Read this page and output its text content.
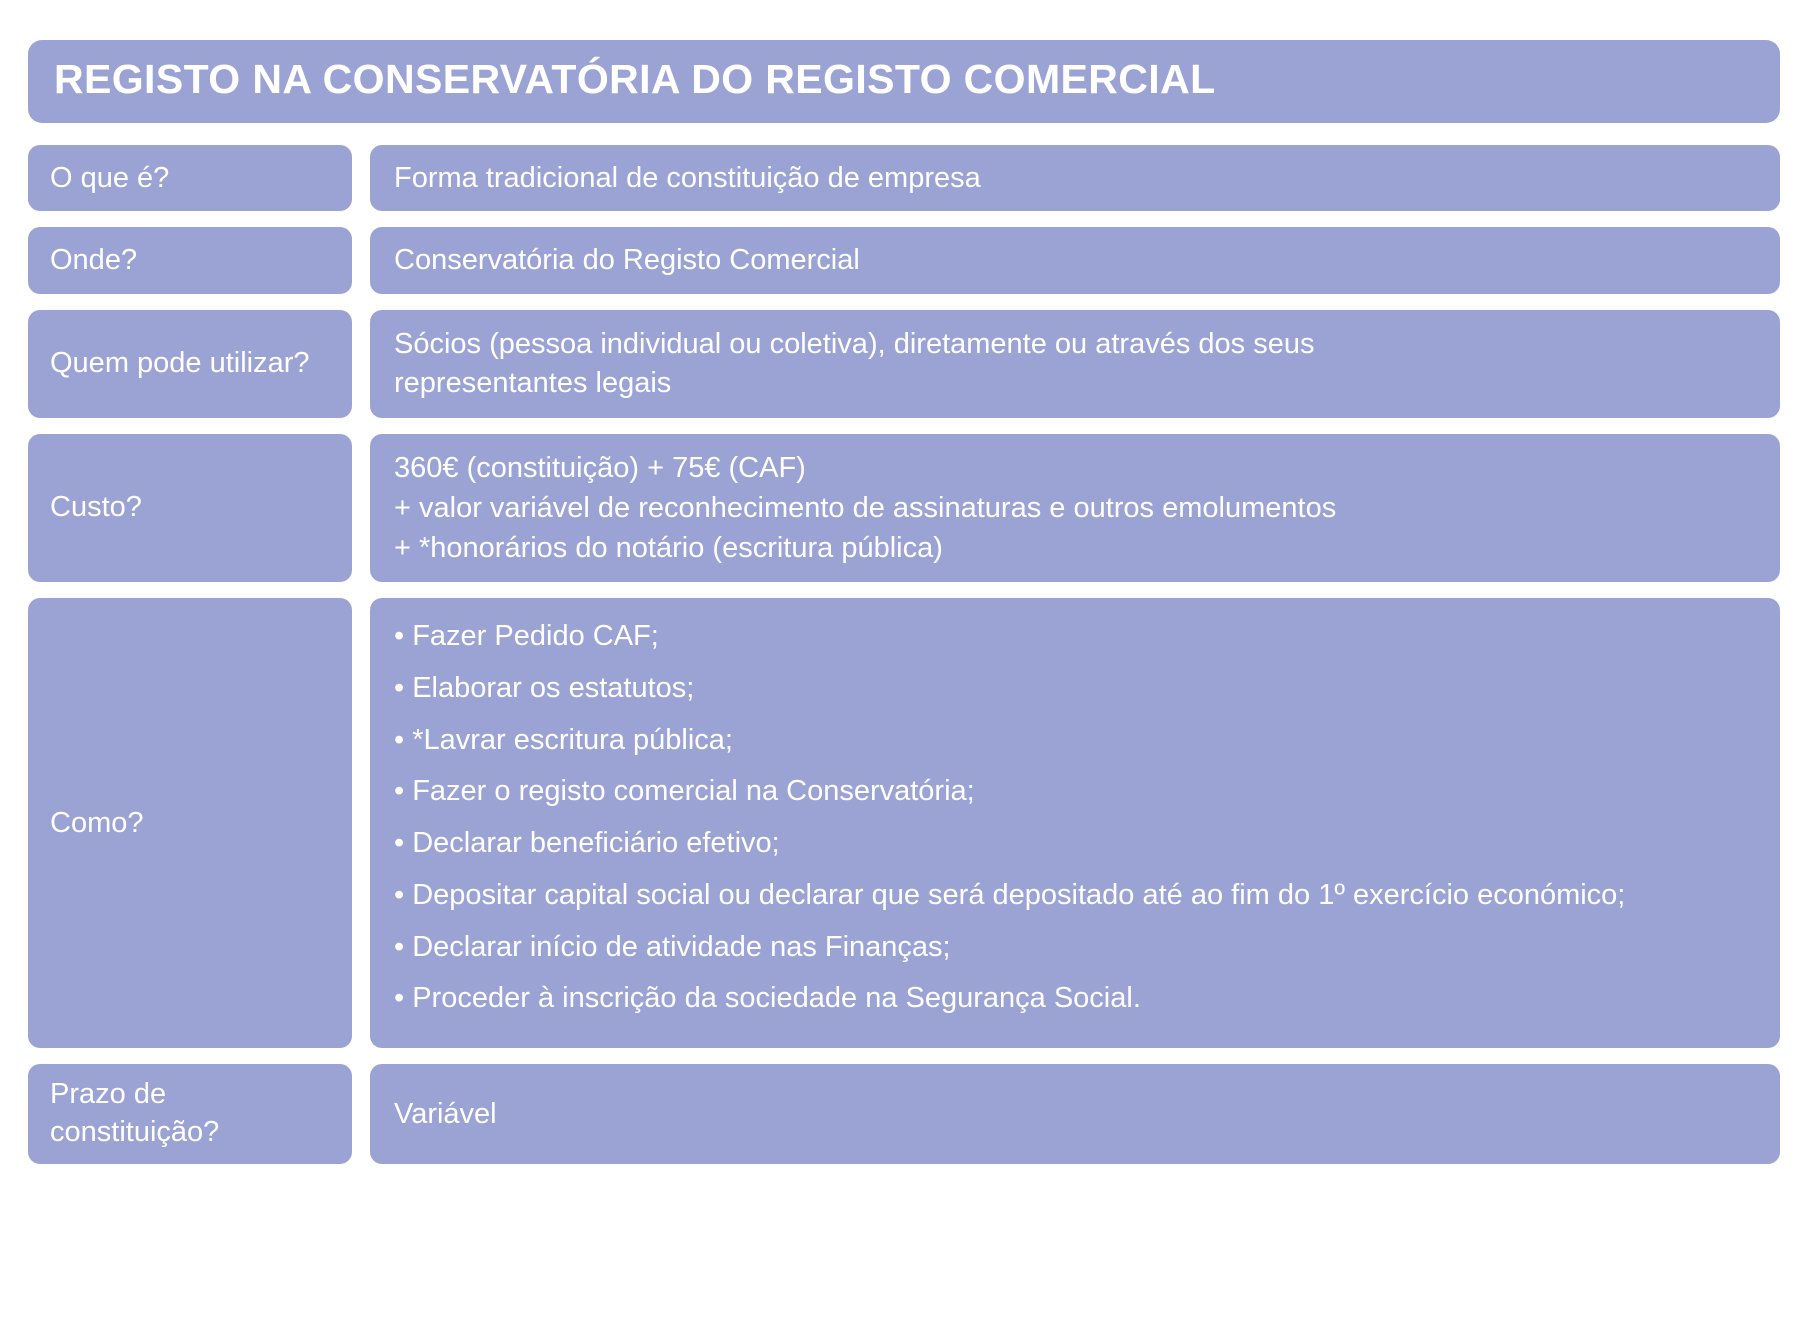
REGISTO NA CONSERVATÓRIA DO REGISTO COMERCIAL
O que é?	Forma tradicional de constituição de empresa
Onde?	Conservatória do Registo Comercial
Quem pode utilizar?
Sócios (pessoa individual ou coletiva), diretamente ou através dos seus
representantes legais
Custo?
360€ (constituição) + 75€ (CAF)
+ valor variável de reconhecimento de assinaturas e outros emolumentos
+ *honorários do notário (escritura pública)
Como?
• Fazer Pedido CAF;
• Elaborar os estatutos;
• *Lavrar escritura pública;
• Fazer o registo comercial na Conservatória;
• Declarar beneficiário efetivo;
• Depositar capital social ou declarar que será depositado até ao fim do 1º exercício económico;
• Declarar início de atividade nas Finanças;
• Proceder à inscrição da sociedade na Segurança Social.
Prazo de constituição?
Variável
